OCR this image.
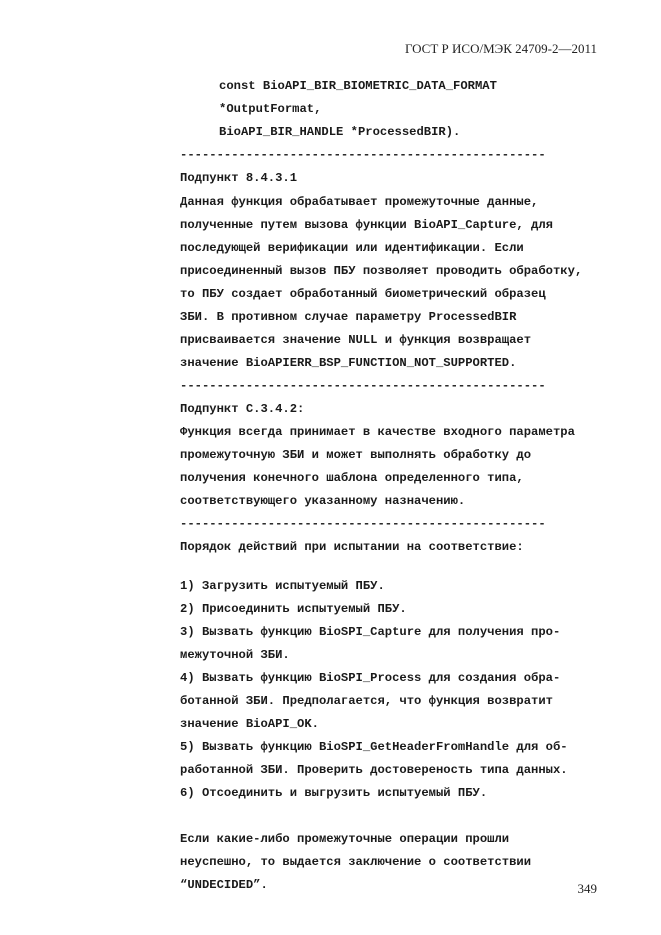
ГОСТ Р ИСО/МЭК 24709-2—2011
const BioAPI_BIR_BIOMETRIC_DATA_FORMAT
*OutputFormat,
BioAPI_BIR_HANDLE *ProcessedBIR).
--------------------------------------------------
Подпункт 8.4.3.1
Данная функция обрабатывает промежуточные данные,
полученные путем вызова функции BioAPI_Capture, для
последующей верификации или идентификации. Если
присоединенный вызов ПБУ позволяет проводить обработку,
то ПБУ создает обработанный биометрический образец
ЗБИ. В противном случае параметру ProcessedBIR
присваивается значение NULL и функция возвращает
значение BioAPIERR_BSP_FUNCTION_NOT_SUPPORTED.
--------------------------------------------------
Подпункт C.3.4.2:
Функция всегда принимает в качестве входного параметра
промежуточную ЗБИ и может выполнять обработку до
получения конечного шаблона определенного типа,
соответствующего указанному назначению.
--------------------------------------------------
Порядок действий при испытании на соответствие:
1) Загрузить испытуемый ПБУ.
2) Присоединить испытуемый ПБУ.
3) Вызвать функцию BioSPI_Capture для получения про-
межуточной ЗБИ.
4) Вызвать функцию BioSPI_Process для создания обра-
ботанной ЗБИ. Предполагается, что функция возвратит
значение BioAPI_OK.
5) Вызвать функцию BioSPI_GetHeaderFromHandle для об-
работанной ЗБИ. Проверить достовереность типа данных.
6) Отсоединить и выгрузить испытуемый ПБУ.
Если какие-либо промежуточные операции прошли
неуспешно, то выдается заключение о соответствии
“UNDECIDED”.	349
